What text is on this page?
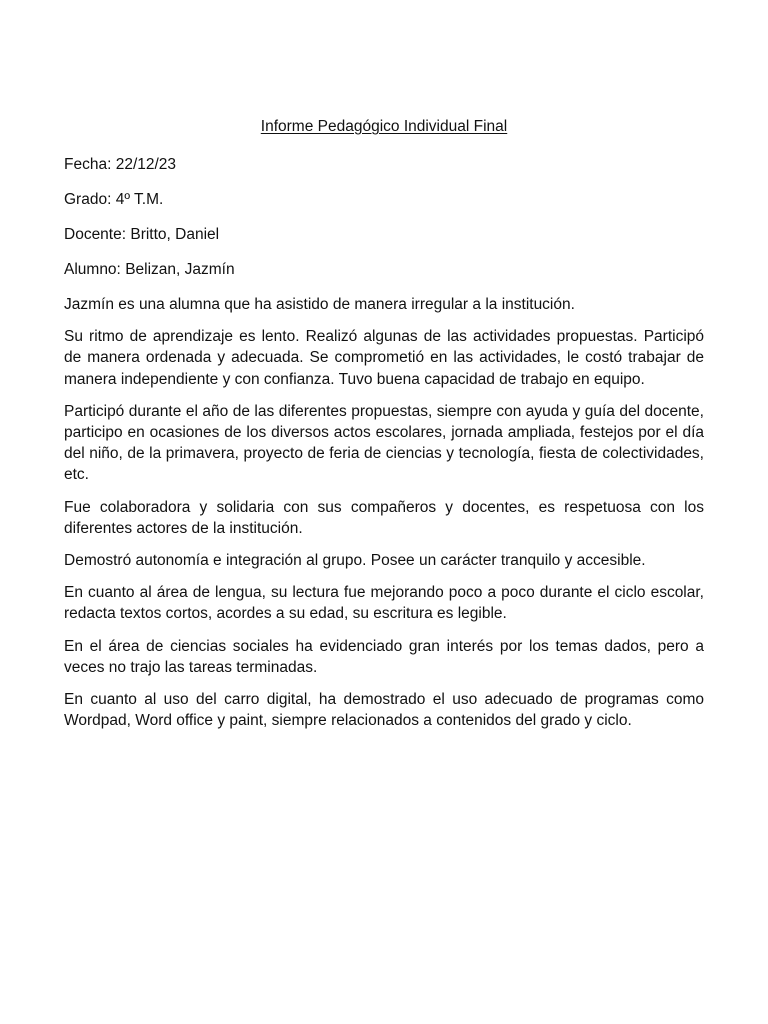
Informe Pedagógico Individual Final

Fecha: 22/12/23

Grado: 4º T.M.

Docente: Britto, Daniel

Alumno: Belizan, Jazmín

Jazmín es una alumna que ha asistido de manera irregular a la institución.

Su ritmo de aprendizaje es lento. Realizó algunas de las actividades propuestas. Participó de manera ordenada y adecuada. Se comprometió en las actividades, le costó trabajar de manera independiente y con confianza. Tuvo buena capacidad de trabajo en equipo.

Participó durante el año de las diferentes propuestas, siempre con ayuda y guía del docente, participo en ocasiones de los diversos actos escolares, jornada ampliada, festejos por el día del niño, de la primavera, proyecto de feria de ciencias y tecnología, fiesta de colectividades, etc.

Fue colaboradora y solidaria con sus compañeros y docentes, es respetuosa con los diferentes actores de la institución.

Demostró autonomía e integración al grupo. Posee un carácter tranquilo y accesible.

En cuanto al área de lengua, su lectura fue mejorando poco a poco durante el ciclo escolar, redacta textos cortos, acordes a su edad, su escritura es legible.

En el área de ciencias sociales ha evidenciado gran interés por los temas dados, pero a veces no trajo las tareas terminadas.

En cuanto al uso del carro digital, ha demostrado el uso adecuado de programas como Wordpad, Word office y paint, siempre relacionados a contenidos del grado y ciclo.
